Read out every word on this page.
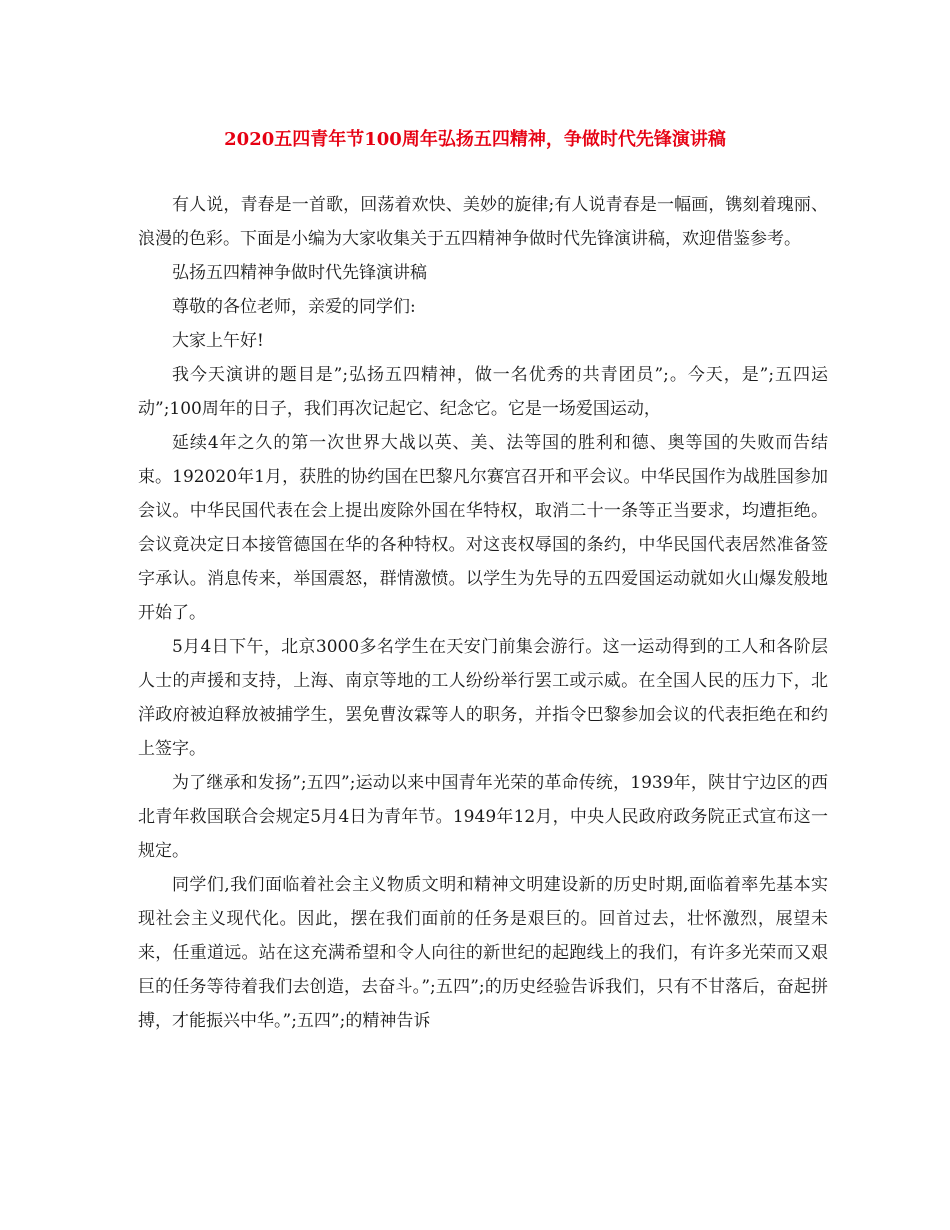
2020五四青年节100周年弘扬五四精神，争做时代先锋演讲稿

有人说，青春是一首歌，回荡着欢快、美妙的旋律;有人说青春是一幅画，镌刻着瑰丽、浪漫的色彩。下面是小编为大家收集关于五四精神争做时代先锋演讲稿，欢迎借鉴参考。

弘扬五四精神争做时代先锋演讲稿

尊敬的各位老师，亲爱的同学们:

大家上午好!

我今天演讲的题目是”;弘扬五四精神，做一名优秀的共青团员”;。今天，是”;五四运动”;100周年的日子，我们再次记起它、纪念它。它是一场爱国运动，

延续4年之久的第一次世界大战以英、美、法等国的胜利和德、奥等国的失败而告结束。192020年1月，获胜的协约国在巴黎凡尔赛宫召开和平会议。中华民国作为战胜国参加会议。中华民国代表在会上提出废除外国在华特权，取消二十一条等正当要求，均遭拒绝。会议竟决定日本接管德国在华的各种特权。对这丧权辱国的条约，中华民国代表居然准备签字承认。消息传来，举国震怒，群情激愤。以学生为先导的五四爱国运动就如火山爆发般地开始了。

5月4日下午，北京3000多名学生在天安门前集会游行。这一运动得到的工人和各阶层人士的声援和支持，上海、南京等地的工人纷纷举行罢工或示威。在全国人民的压力下，北洋政府被迫释放被捕学生，罢免曹汝霖等人的职务，并指令巴黎参加会议的代表拒绝在和约上签字。

为了继承和发扬”;五四”;运动以来中国青年光荣的革命传统，1939年，陕甘宁边区的西北青年救国联合会规定5月4日为青年节。1949年12月，中央人民政府政务院正式宣布这一规定。

同学们,我们面临着社会主义物质文明和精神文明建设新的历史时期,面临着率先基本实现社会主义现代化。因此，摆在我们面前的任务是艰巨的。回首过去，壮怀激烈，展望未来，任重道远。站在这充满希望和令人向往的新世纪的起跑线上的我们，有许多光荣而又艰巨的任务等待着我们去创造，去奋斗。”;五四”;的历史经验告诉我们，只有不甘落后，奋起拼搏，才能振兴中华。”;五四”;的精神告诉
